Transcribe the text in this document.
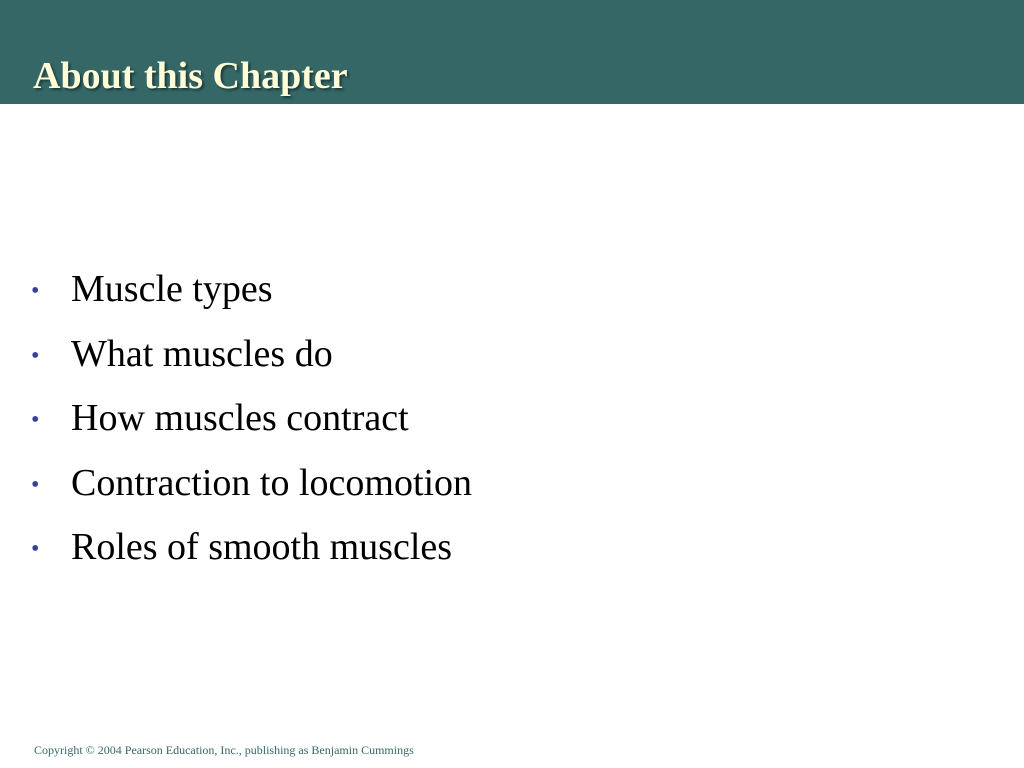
About this Chapter
• Muscle types
• What muscles do
• How muscles contract
• Contraction to locomotion
• Roles of smooth muscles
Copyright © 2004 Pearson Education, Inc., publishing as Benjamin Cummings
